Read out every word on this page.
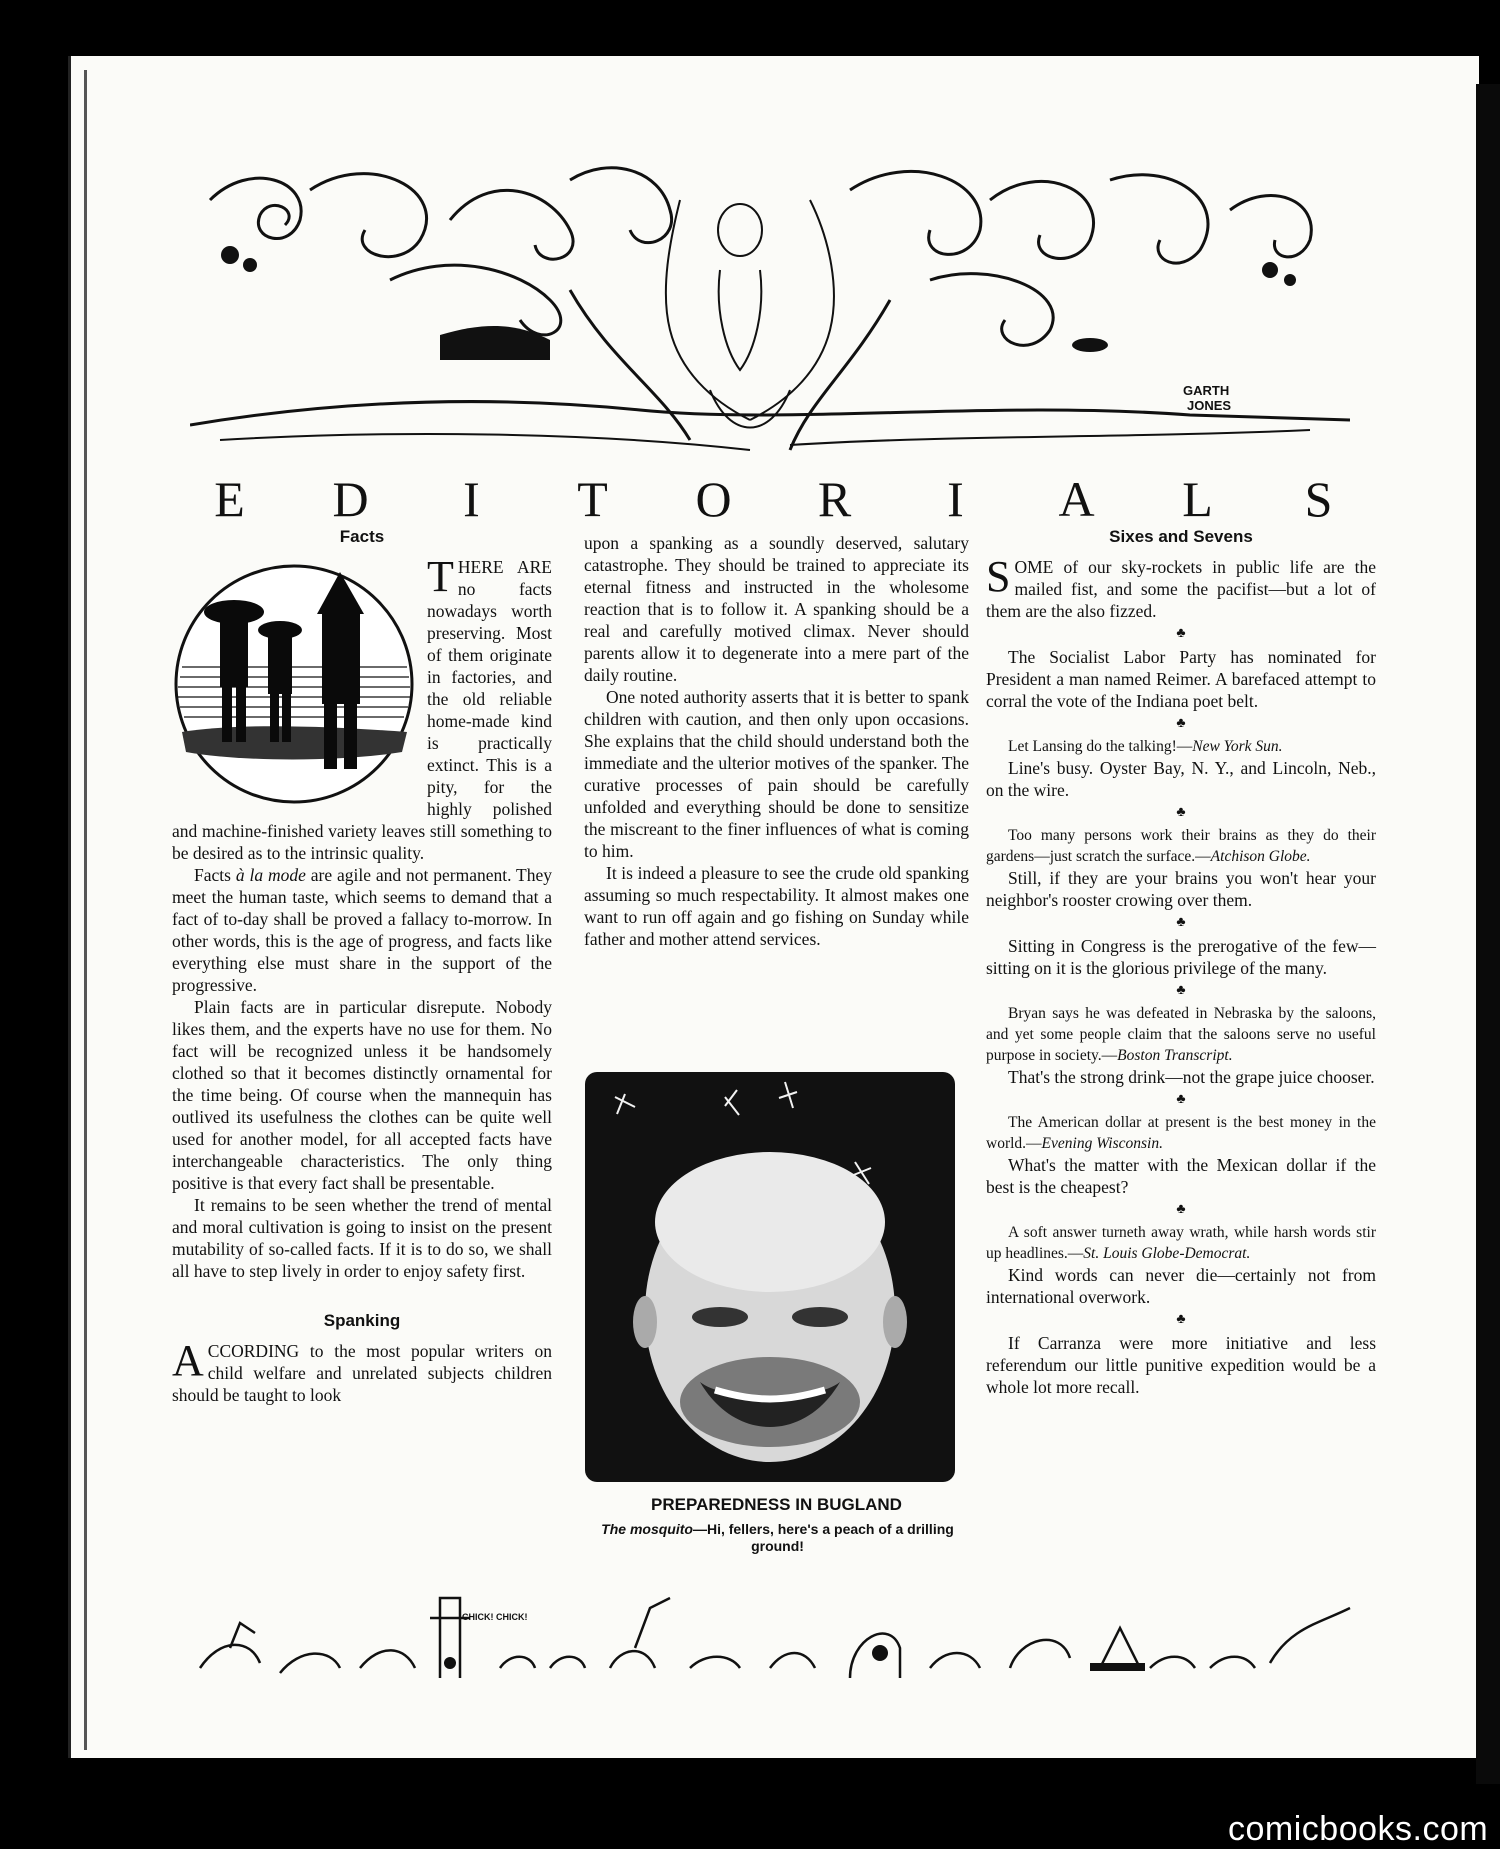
GARTH
JONES
E	D	I	T	O	R	I	A	L	S
Facts

THERE ARE no facts nowadays worth preserving. Most of them originate in factories, and the old reliable home-made kind is practically extinct. This is a pity, for the highly polished and machine-finished variety leaves still something to be desired as to the intrinsic quality.

Facts à la mode are agile and not permanent. They meet the human taste, which seems to demand that a fact of to-day shall be proved a fallacy to-morrow. In other words, this is the age of progress, and facts like everything else must share in the support of the progressive.

Plain facts are in particular disrepute. Nobody likes them, and the experts have no use for them. No fact will be recognized unless it be handsomely clothed so that it becomes distinctly ornamental for the time being. Of course when the mannequin has outlived its usefulness the clothes can be quite well used for another model, for all accepted facts have interchangeable characteristics. The only thing positive is that every fact shall be presentable.

It remains to be seen whether the trend of mental and moral cultivation is going to insist on the present mutability of so-called facts. If it is to do so, we shall all have to step lively in order to enjoy safety first.

Spanking

ACCORDING to the most popular writers on child welfare and unrelated subjects children should be taught to look

upon a spanking as a soundly deserved, salutary catastrophe. They should be trained to appreciate its eternal fitness and instructed in the wholesome reaction that is to follow it. A spanking should be a real and carefully motived climax. Never should parents allow it to degenerate into a mere part of the daily routine.

One noted authority asserts that it is better to spank children with caution, and then only upon occasions. She explains that the child should understand both the immediate and the ulterior motives of the spanker. The curative processes of pain should be carefully unfolded and everything should be done to sensitize the miscreant to the finer influences of what is coming to him.

It is indeed a pleasure to see the crude old spanking assuming so much respectability. It almost makes one want to run off again and go fishing on Sunday while father and mother attend services.

PREPAREDNESS IN BUGLAND
The mosquito—Hi, fellers, here's a peach of a drilling ground!
Sixes and Sevens

SOME of our sky-rockets in public life are the mailed fist, and some the pacifist—but a lot of them are the also fizzed.

♣

The Socialist Labor Party has nominated for President a man named Reimer. A barefaced attempt to corral the vote of the Indiana poet belt.

♣

Let Lansing do the talking!—New York Sun.

Line's busy. Oyster Bay, N. Y., and Lincoln, Neb., on the wire.

♣

Too many persons work their brains as they do their gardens—just scratch the surface.—Atchison Globe.

Still, if they are your brains you won't hear your neighbor's rooster crowing over them.

♣

Sitting in Congress is the prerogative of the few—sitting on it is the glorious privilege of the many.

♣

Bryan says he was defeated in Nebraska by the saloons, and yet some people claim that the saloons serve no useful purpose in society.—Boston Transcript.

That's the strong drink—not the grape juice chooser.

♣

The American dollar at present is the best money in the world.—Evening Wisconsin.

What's the matter with the Mexican dollar if the best is the cheapest?

♣

A soft answer turneth away wrath, while harsh words stir up headlines.—St. Louis Globe-Democrat.

Kind words can never die—certainly not from international overwork.

♣

If Carranza were more initiative and less referendum our little punitive expedition would be a whole lot more recall.

CHICK! CHICK!
comicbooks.com
